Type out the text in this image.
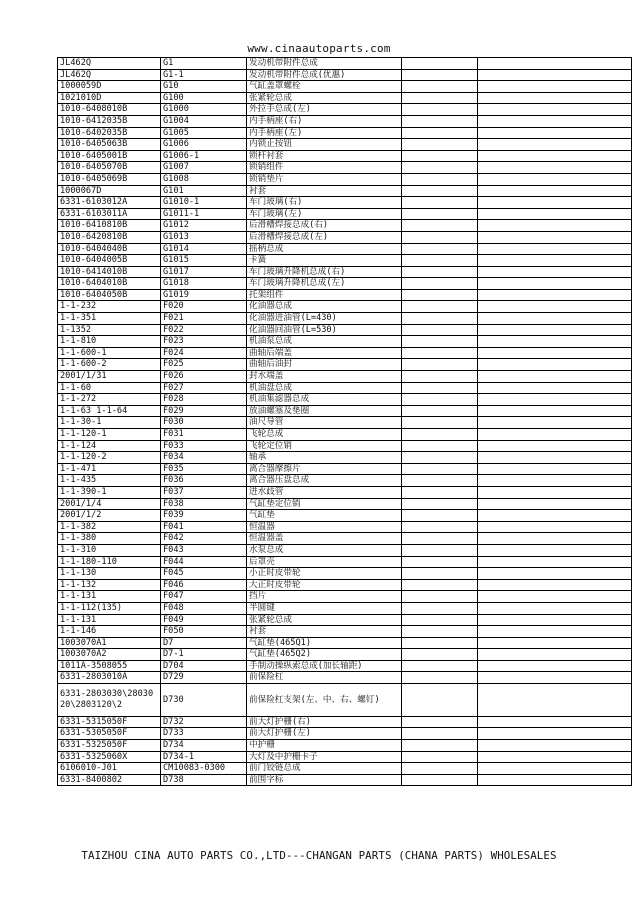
www.cinaautoparts.com
JL462Q	G1	发动机带附件总成		
JL462Q	G1-1	发动机带附件总成(优惠)		
1000059D	G10	气缸盖罩螺栓		
1021010D	G100	张紧轮总成		
1010-6408010B	G1000	外拉手总成(左)		
1010-6412035B	G1004	内手柄座(右)		
1010-6402035B	G1005	内手柄座(左)		
1010-6405063B	G1006	内锁止按钮		
1010-6405001B	G1006-1	锁杆衬套		
1010-6405070B	G1007	锁销组件		
1010-6405069B	G1008	锁销垫片		
1000067D	G101	衬套		
6331-6103012A	G1010-1	车门玻璃(右)		
6331-6103011A	G1011-1	车门玻璃(左)		
1010-6410810B	G1012	后滑槽焊接总成(右)		
1010-6420810B	G1013	后滑槽焊接总成(左)		
1010-6404040B	G1014	摇柄总成		
1010-6404005B	G1015	卡簧		
1010-6414010B	G1017	车门玻璃升降机总成(右)		
1010-6404010B	G1018	车门玻璃升降机总成(左)		
1010-6404050B	G1019	托架组件		
1-1-232	F020	化油器总成		
1-1-351	F021	化油器进油管(L=430)		
1-1352	F022	化油器回油管(L=530)		
1-1-810	F023	机油泵总成		
1-1-600-1	F024	曲轴后端盖		
1-1-600-2	F025	曲轴后油封		
2001/1/31	F026	封水端盖		
1-1-60	F027	机油盘总成		
1-1-272	F028	机油集滤器总成		
1-1-63 1-1-64	F029	放油螺塞及垫圈		
1-1-30-1	F030	油尺导管		
1-1-120-1	F031	飞轮总成		
1-1-124	F033	飞轮定位销		
1-1-120-2	F034	轴承		
1-1-471	F035	离合器摩擦片		
1-1-435	F036	离合器压盘总成		
1-1-390-1	F037	进水歧管		
2001/1/4	F038	气缸垫定位销		
2001/1/2	F039	气缸垫		
1-1-382	F041	恒温器		
1-1-380	F042	恒温器盖		
1-1-310	F043	水泵总成		
1-1-180-110	F044	后罩壳		
1-1-130	F045	小正时皮带轮		
1-1-132	F046	大正时皮带轮		
1-1-131	F047	挡片		
1-1-112(135)	F048	半圆键		
1-1-131	F049	张紧轮总成		
1-1-146	F050	衬套		
1003070A1	D7	气缸垫(465Q1)		
1003070A2	D7-1	气缸垫(465Q2)		
1011A-3508055	D704	手制动操纵索总成(加长轴距)		
6331-2803010A	D729	前保险杠		
6331-2803030\2803020\2803120\2	D730	前保险杠支架(左、中、右、螺钉)		
6331-5315050F	D732	前大灯护栅(右)		
6331-5305050F	D733	前大灯护栅(左)		
6331-5325050F	D734	中护栅		
6331-5325060X	D734-1	大灯及中护栅卡子		
6106010-J01	CM10083-0300	前门铰链总成		
6331-8400802	D738	前围字标		
TAIZHOU CINA AUTO PARTS CO.,LTD---CHANGAN PARTS (CHANA PARTS) WHOLESALES
